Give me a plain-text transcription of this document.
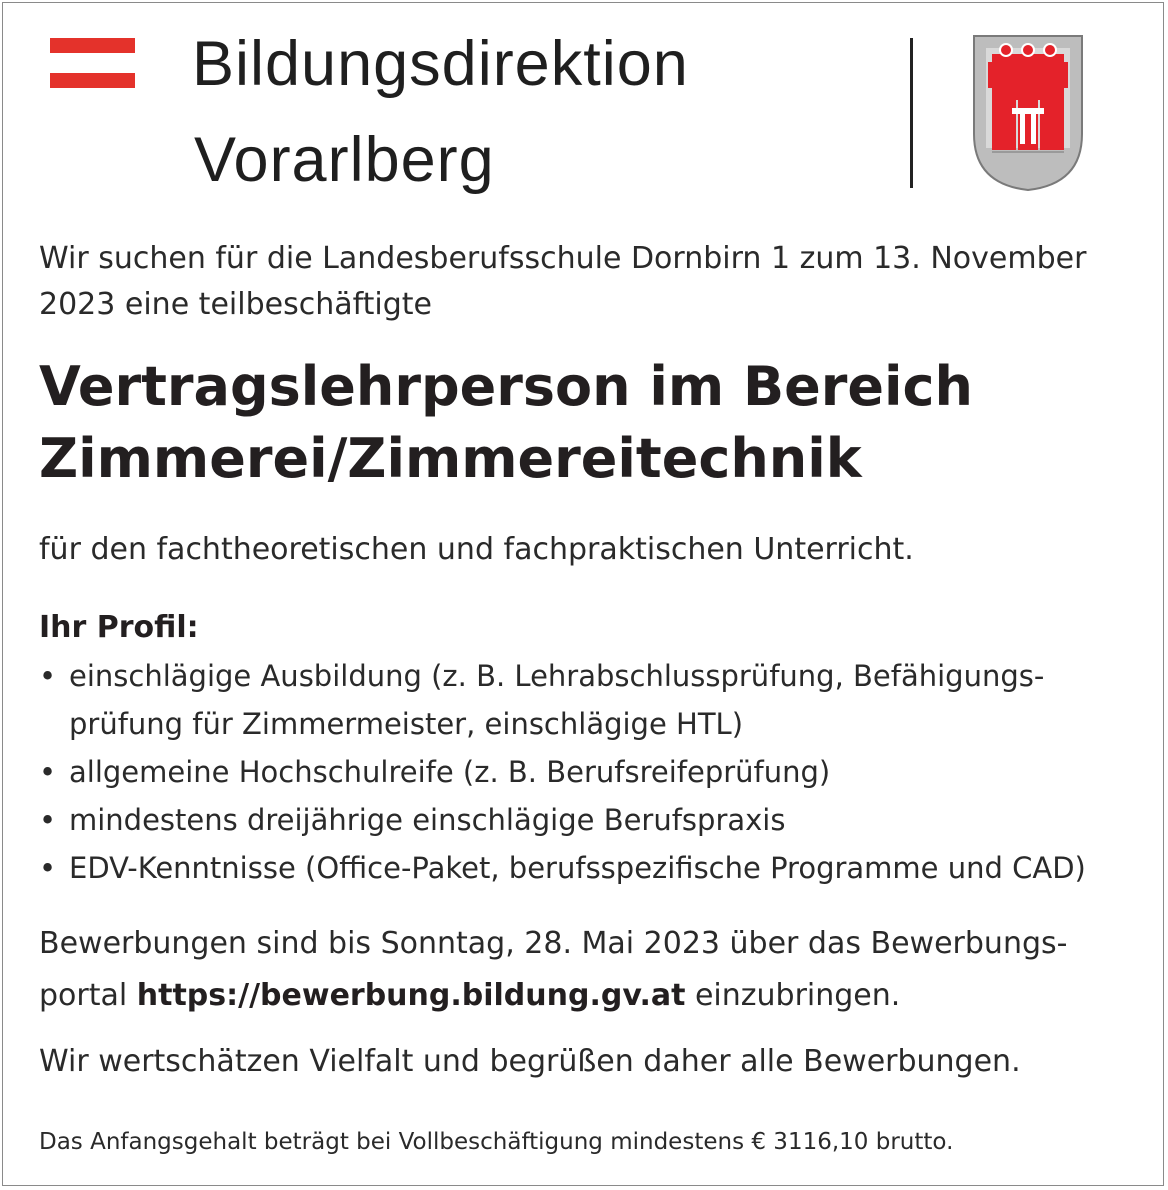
Bildungsdirektion
Vorarlberg
Wir suchen für die Landesberufsschule Dornbirn 1 zum 13. November
2023 eine teilbeschäftigte
Vertragslehrperson im Bereich
Zimmerei/Zimmereitechnik
für den fachtheoretischen und fachpraktischen Unterricht.
Ihr Profil:
• einschlägige Ausbildung (z. B. Lehrabschlussprüfung, Befähigungs-
prüfung für Zimmermeister, einschlägige HTL)
• allgemeine Hochschulreife (z. B. Berufsreifeprüfung)
• mindestens dreijährige einschlägige Berufspraxis
• EDV-Kenntnisse (Office-Paket, berufsspezifische Programme und CAD)
Bewerbungen sind bis Sonntag, 28. Mai 2023 über das Bewerbungs-
portal https://bewerbung.bildung.gv.at einzubringen.
Wir wertschätzen Vielfalt und begrüßen daher alle Bewerbungen.
Das Anfangsgehalt beträgt bei Vollbeschäftigung mindestens € 3116,10 brutto.
